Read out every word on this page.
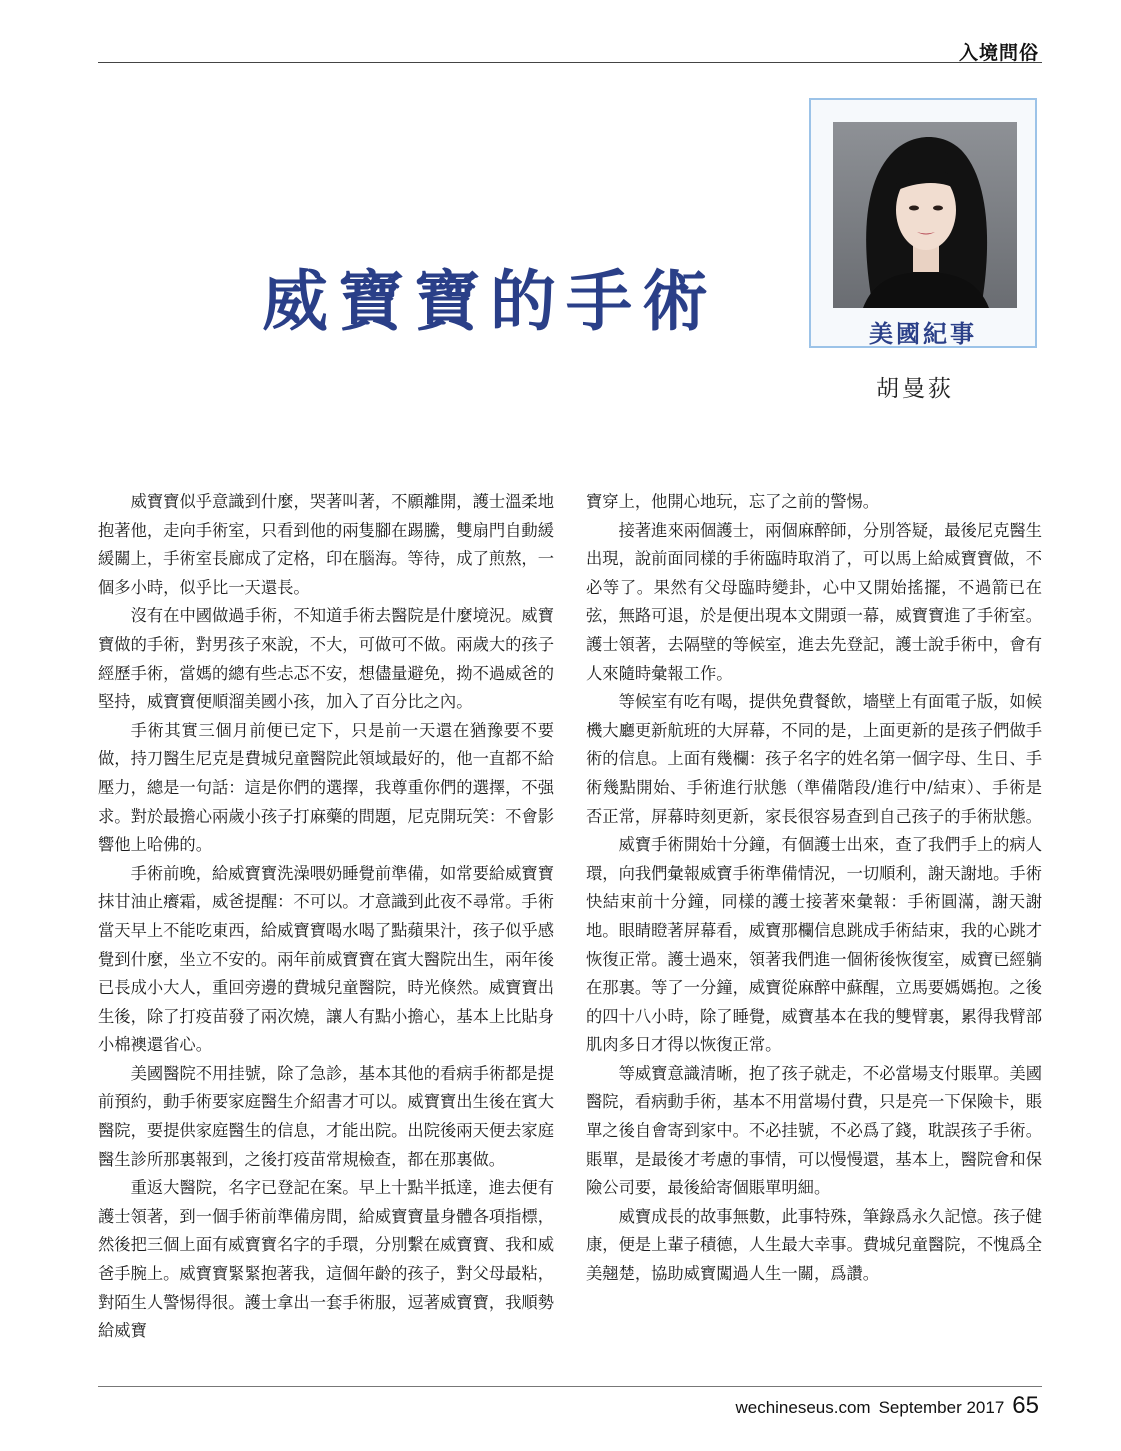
入境問俗
威寶寶的手術	美國紀事
胡曼荻

威寶寶似乎意識到什麼，哭著叫著，不願離開，護士溫柔地抱著他，走向手術室，只看到他的兩隻腳在踢騰，雙扇門自動緩緩關上，手術室長廊成了定格，印在腦海。等待，成了煎熬，一個多小時，似乎比一天還長。

沒有在中國做過手術，不知道手術去醫院是什麼境況。威寶寶做的手術，對男孩子來說，不大，可做可不做。兩歲大的孩子經歷手術，當媽的總有些忐忑不安，想儘量避免，拗不過威爸的堅持，威寶寶便順溜美國小孩，加入了百分比之內。

手術其實三個月前便已定下，只是前一天還在猶豫要不要做，持刀醫生尼克是費城兒童醫院此領域最好的，他一直都不給壓力，總是一句話：這是你們的選擇，我尊重你們的選擇，不强求。對於最擔心兩歲小孩子打麻藥的問題，尼克開玩笑：不會影響他上哈佛的。

手術前晚，給威寶寶洗澡喂奶睡覺前準備，如常要給威寶寶抹甘油止癢霜，威爸提醒：不可以。才意識到此夜不尋常。手術當天早上不能吃東西，給威寶寶喝水喝了點蘋果汁，孩子似乎感覺到什麼，坐立不安的。兩年前威寶寶在賓大醫院出生，兩年後已長成小大人，重回旁邊的費城兒童醫院，時光倏然。威寶寶出生後，除了打疫苗發了兩次燒，讓人有點小擔心，基本上比貼身小棉襖還省心。

美國醫院不用挂號，除了急診，基本其他的看病手術都是提前預約，動手術要家庭醫生介紹書才可以。威寶寶出生後在賓大醫院，要提供家庭醫生的信息，才能出院。出院後兩天便去家庭醫生診所那裏報到，之後打疫苗常規檢查，都在那裏做。

重返大醫院，名字已登記在案。早上十點半抵達，進去便有護士領著，到一個手術前準備房間，給威寶寶量身體各項指標，然後把三個上面有威寶寶名字的手環，分別繫在威寶寶、我和威爸手腕上。威寶寶緊緊抱著我，這個年齡的孩子，對父母最粘，對陌生人警惕得很。護士拿出一套手術服，逗著威寶寶，我順勢給威寶

寶穿上，他開心地玩，忘了之前的警惕。

接著進來兩個護士，兩個麻醉師，分別答疑，最後尼克醫生出現，說前面同樣的手術臨時取消了，可以馬上給威寶寶做，不必等了。果然有父母臨時變卦，心中又開始搖擺，不過箭已在弦，無路可退，於是便出現本文開頭一幕，威寶寶進了手術室。護士領著，去隔壁的等候室，進去先登記，護士說手術中，會有人來隨時彙報工作。

等候室有吃有喝，提供免費餐飲，墻壁上有面電子版，如候機大廳更新航班的大屏幕，不同的是，上面更新的是孩子們做手術的信息。上面有幾欄：孩子名字的姓名第一個字母、生日、手術幾點開始、手術進行狀態（準備階段/進行中/結束）、手術是否正常，屏幕時刻更新，家長很容易查到自己孩子的手術狀態。

威寶手術開始十分鐘，有個護士出來，查了我們手上的病人環，向我們彙報威寶手術準備情況，一切順利，謝天謝地。手術快結束前十分鐘，同樣的護士接著來彙報：手術圓滿，謝天謝地。眼睛瞪著屏幕看，威寶那欄信息跳成手術結束，我的心跳才恢復正常。護士過來，領著我們進一個術後恢復室，威寶已經躺在那裏。等了一分鐘，威寶從麻醉中蘇醒，立馬要媽媽抱。之後的四十八小時，除了睡覺，威寶基本在我的雙臂裏，累得我臂部肌肉多日才得以恢復正常。

等威寶意識清晰，抱了孩子就走，不必當場支付賬單。美國醫院，看病動手術，基本不用當場付費，只是亮一下保險卡，賬單之後自會寄到家中。不必挂號，不必爲了錢，耽誤孩子手術。賬單，是最後才考慮的事情，可以慢慢還，基本上，醫院會和保險公司要，最後給寄個賬單明細。

威寶成長的故事無數，此事特殊，筆錄爲永久記憶。孩子健康，便是上輩子積德，人生最大幸事。費城兒童醫院，不愧爲全美翹楚，協助威寶闖過人生一關，爲讚。

wechineseus.com September 2017 65
